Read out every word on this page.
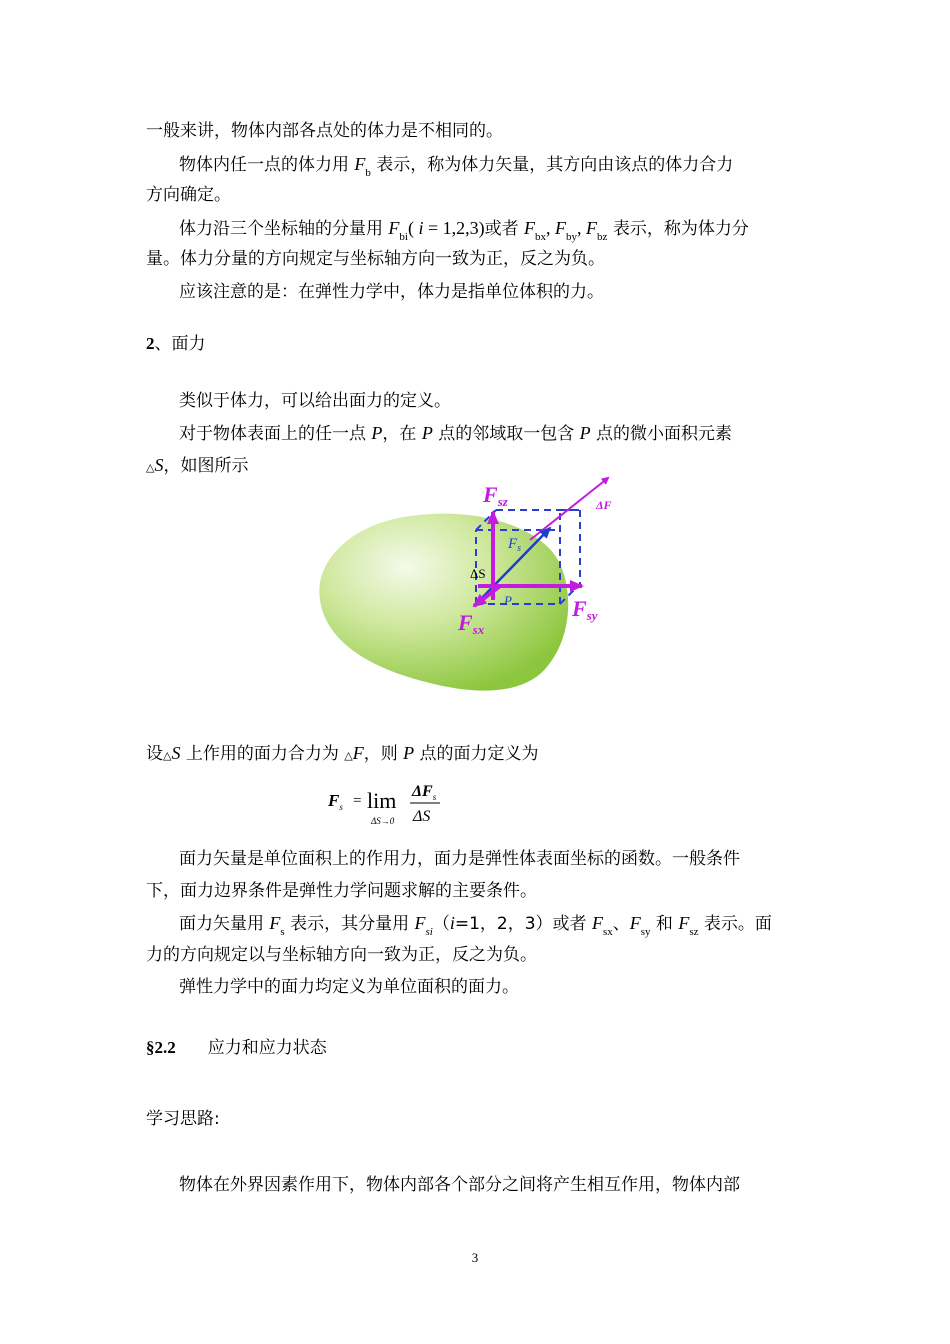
一般来讲，物体内部各点处的体力是不相同的。
物体内任一点的体力用 $F_b$ 表示，称为体力矢量，其方向由该点的体力合力
方向确定。
体力沿三个坐标轴的分量用 $F_{bi}$( i = 1,2,3)或者 $F_{bx}$, $F_{by}$, $F_{bz}$ 表示，称为体力分
量。体力分量的方向规定与坐标轴方向一致为正，反之为负。
应该注意的是：在弹性力学中，体力是指单位体积的力。
2、面力
类似于体力，可以给出面力的定义。
对于物体表面上的任一点 P，在 P 点的邻域取一包含 P 点的微小面积元素
△S，如图所示
Fsz	ΔF
$F_s$
ΔS
P
Fsx
Fsy
设△S 上作用的面力合力为 △F，则 P 点的面力定义为
$F_s = \lim$
ΔS→0
$\Delta F_s$
ΔS
面力矢量是单位面积上的作用力，面力是弹性体表面坐标的函数。一般条件
下，面力边界条件是弹性力学问题求解的主要条件。
面力矢量用 $F_s$ 表示，其分量用 $F_{si}(i=1$，2，3）或者 $F_{sx}$、$F_{sy}$ 和 $F_{sz}$ 表示。面
力的方向规定以与坐标轴方向一致为正，反之为负。
弹性力学中的面力均定义为单位面积的面力。
§2.2 应力和应力状态
学习思路:
物体在外界因素作用下，物体内部各个部分之间将产生相互作用，物体内部
3
